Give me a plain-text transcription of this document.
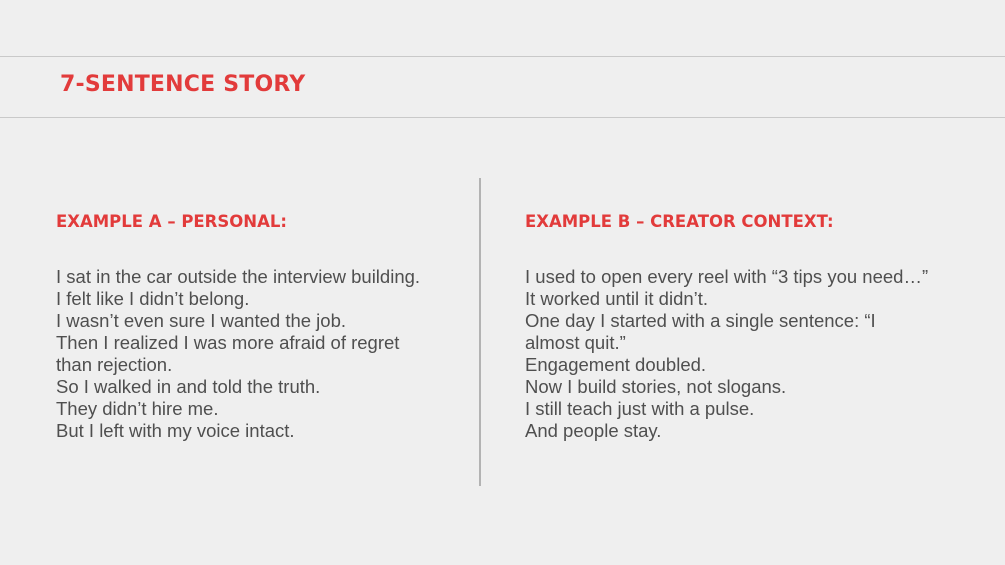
7-SENTENCE STORY
EXAMPLE A – PERSONAL:
I sat in the car outside the interview building.
I felt like I didn’t belong.
I wasn’t even sure I wanted the job.
Then I realized I was more afraid of regret
than rejection.
So I walked in and told the truth.
They didn’t hire me.
But I left with my voice intact.
EXAMPLE B – CREATOR CONTEXT:
I used to open every reel with “3 tips you need…”
It worked until it didn’t.
One day I started with a single sentence: “I
almost quit.”
Engagement doubled.
Now I build stories, not slogans.
I still teach just with a pulse.
And people stay.
